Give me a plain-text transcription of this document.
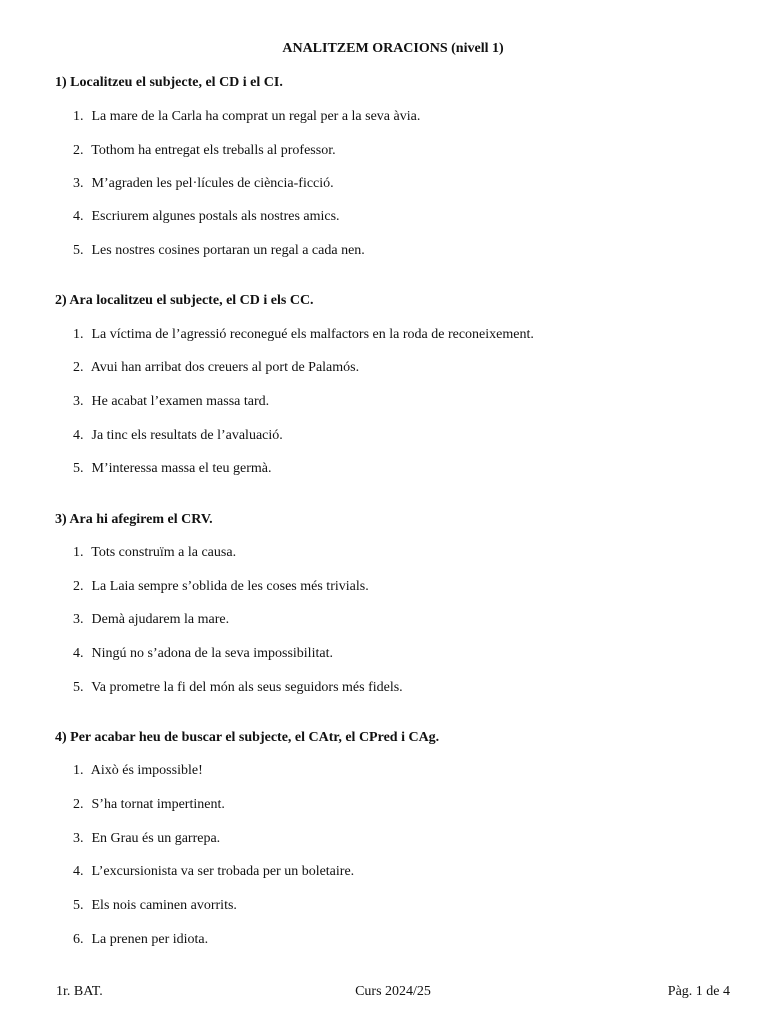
ANALITZEM ORACIONS (nivell 1)
1) Localitzeu el subjecte, el CD i el CI.
1. La mare de la Carla ha comprat un regal per a la seva àvia.
2. Tothom ha entregat els treballs al professor.
3. M’agraden les pel·lícules de ciència-ficció.
4. Escriurem algunes postals als nostres amics.
5. Les nostres cosines portaran un regal a cada nen.
2) Ara localitzeu el subjecte, el CD i els CC.
1. La víctima de l’agressió reconegué els malfactors en la roda de reconeixement.
2. Avui han arribat dos creuers al port de Palamós.
3. He acabat l’examen massa tard.
4. Ja tinc els resultats de l’avaluació.
5. M’interessa massa el teu germà.
3) Ara hi afegirem el CRV.
1. Tots construïm a la causa.
2. La Laia sempre s’oblida de les coses més trivials.
3. Demà ajudarem la mare.
4. Ningú no s’adona de la seva impossibilitat.
5. Va prometre la fi del món als seus seguidors més fidels.
4) Per acabar heu de buscar el subjecte, el CAtr, el CPred i CAg.
1. Això és impossible!
2. S’ha tornat impertinent.
3. En Grau és un garrepa.
4. L’excursionista va ser trobada per un boletaire.
5. Els nois caminen avorrits.
6. La prenen per idiota.
1r. BAT.	Curs 2024/25	Pàg. 1 de 4
